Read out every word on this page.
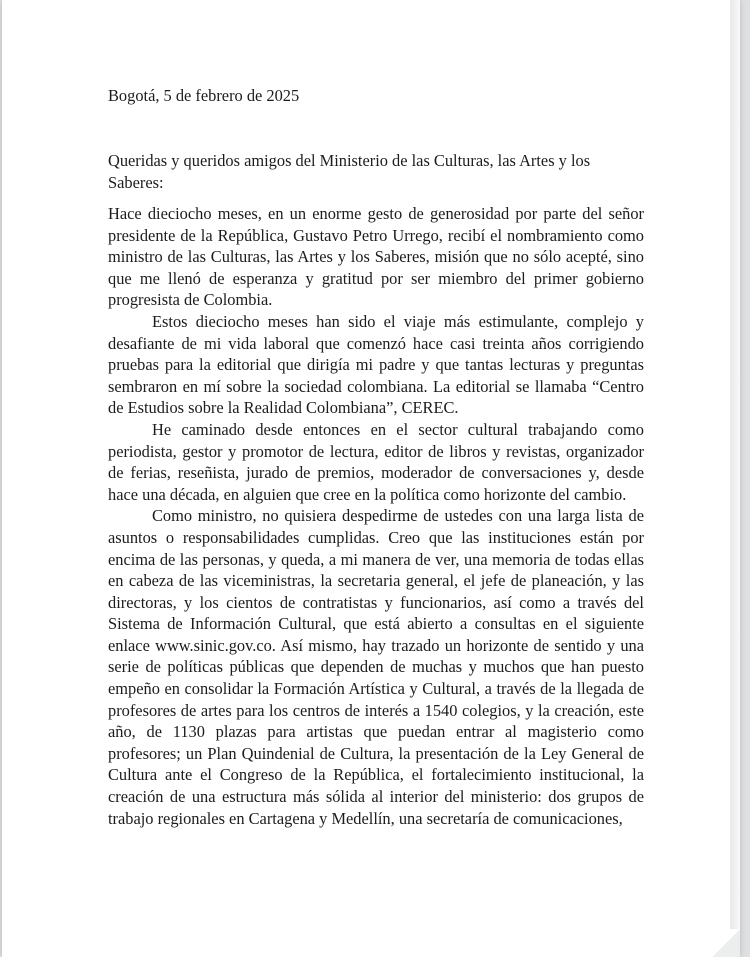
Bogotá, 5 de febrero de 2025
Queridas y queridos amigos del Ministerio de las Culturas, las Artes y los Saberes:

Hace dieciocho meses, en un enorme gesto de generosidad por parte del señor presidente de la República, Gustavo Petro Urrego, recibí el nombramiento como ministro de las Culturas, las Artes y los Saberes, misión que no sólo acepté, sino que me llenó de esperanza y gratitud por ser miembro del primer gobierno progresista de Colombia.

Estos dieciocho meses han sido el viaje más estimulante, complejo y desafiante de mi vida laboral que comenzó hace casi treinta años corrigiendo pruebas para la editorial que dirigía mi padre y que tantas lecturas y preguntas sembraron en mí sobre la sociedad colombiana. La editorial se llamaba “Centro de Estudios sobre la Realidad Colombiana”, CEREC.

He caminado desde entonces en el sector cultural trabajando como periodista, gestor y promotor de lectura, editor de libros y revistas, organizador de ferias, reseñista, jurado de premios, moderador de conversaciones y, desde hace una década, en alguien que cree en la política como horizonte del cambio.

Como ministro, no quisiera despedirme de ustedes con una larga lista de asuntos o responsabilidades cumplidas. Creo que las instituciones están por encima de las personas, y queda, a mi manera de ver, una memoria de todas ellas en cabeza de las viceministras, la secretaria general, el jefe de planeación, y las directoras, y los cientos de contratistas y funcionarios, así como a través del Sistema de Información Cultural, que está abierto a consultas en el siguiente enlace www.sinic.gov.co. Así mismo, hay trazado un horizonte de sentido y una serie de políticas públicas que dependen de muchas y muchos que han puesto empeño en consolidar la Formación Artística y Cultural, a través de la llegada de profesores de artes para los centros de interés a 1540 colegios, y la creación, este año, de 1130 plazas para artistas que puedan entrar al magisterio como profesores; un Plan Quindenial de Cultura, la presentación de la Ley General de Cultura ante el Congreso de la República, el fortalecimiento institucional, la creación de una estructura más sólida al interior del ministerio: dos grupos de trabajo regionales en Cartagena y Medellín, una secretaría de comunicaciones,
